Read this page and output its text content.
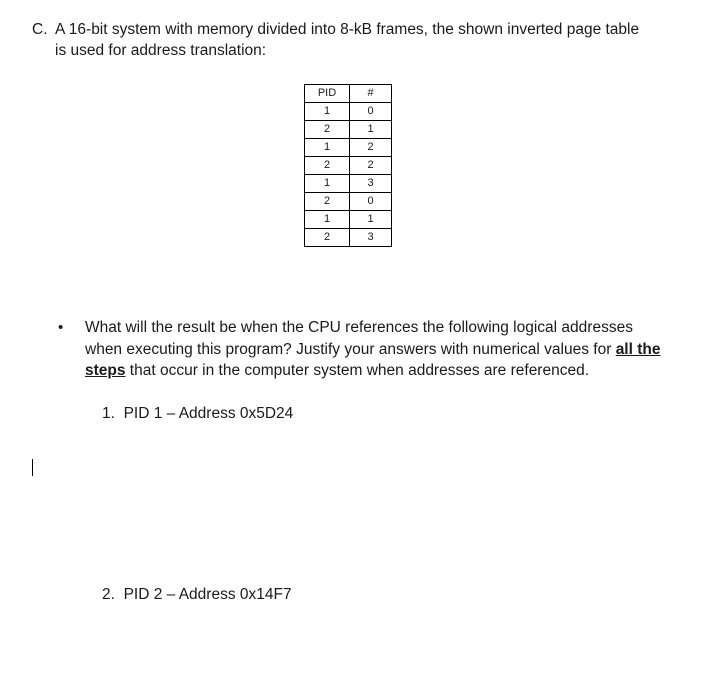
C. A 16-bit system with memory divided into 8-kB frames, the shown inverted page table
is used for address translation:
PID	#
1	0
2	1
1	2
2	2
1	3
2	0
1	1
2	3
• What will the result be when the CPU references the following logical addresses when executing this program? Justify your answers with numerical values for all the steps that occur in the computer system when addresses are referenced.
1. PID 1 – Address 0x5D24
2. PID 2 – Address 0x14F7
